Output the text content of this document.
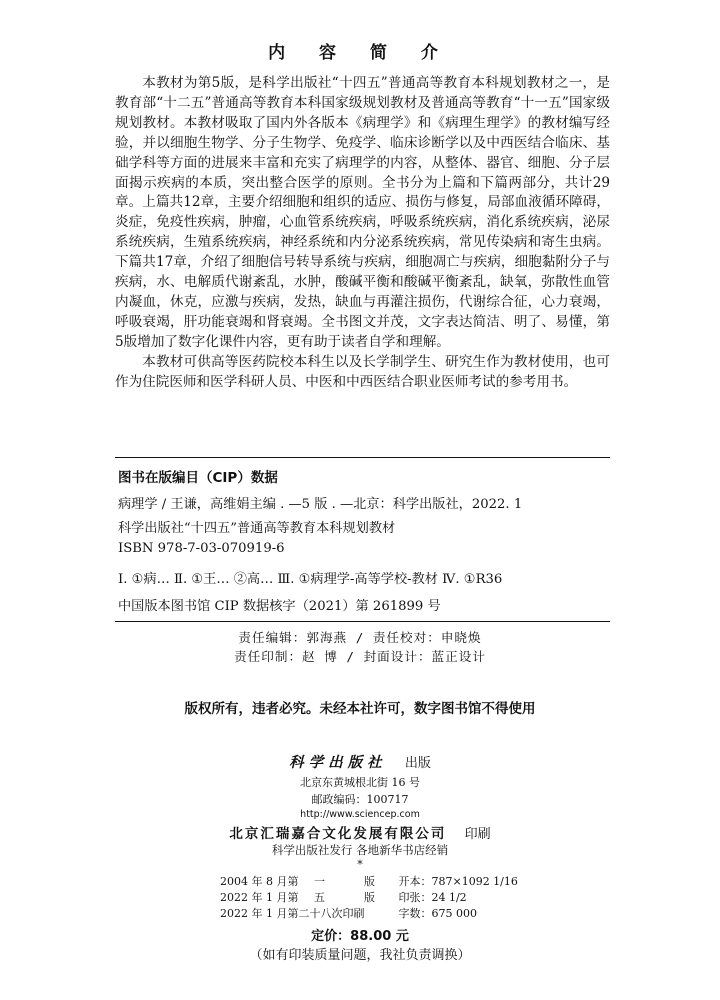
内 容 简 介

本教材为第5版，是科学出版社“十四五”普通高等教育本科规划教材之一，是教育部“十二五”普通高等教育本科国家级规划教材及普通高等教育“十一五”国家级规划教材。本教材吸取了国内外各版本《病理学》和《病理生理学》的教材编写经验，并以细胞生物学、分子生物学、免疫学、临床诊断学以及中西医结合临床、基础学科等方面的进展来丰富和充实了病理学的内容，从整体、器官、细胞、分子层面揭示疾病的本质，突出整合医学的原则。全书分为上篇和下篇两部分，共计29章。上篇共12章，主要介绍细胞和组织的适应、损伤与修复，局部血液循环障碍，炎症，免疫性疾病，肿瘤，心血管系统疾病，呼吸系统疾病，消化系统疾病，泌尿系统疾病，生殖系统疾病，神经系统和内分泌系统疾病，常见传染病和寄生虫病。下篇共17章，介绍了细胞信号转导系统与疾病，细胞凋亡与疾病，细胞黏附分子与疾病，水、电解质代谢紊乱，水肿，酸碱平衡和酸碱平衡紊乱，缺氧，弥散性血管内凝血，休克，应激与疾病，发热，缺血与再灌注损伤，代谢综合征，心力衰竭，呼吸衰竭，肝功能衰竭和肾衰竭。全书图文并茂，文字表达简洁、明了、易懂，第5版增加了数字化课件内容，更有助于读者自学和理解。

本教材可供高等医药院校本科生以及长学制学生、研究生作为教材使用，也可作为住院医师和医学科研人员、中医和中西医结合职业医师考试的参考用书。

图书在版编目（CIP）数据
病理学 / 王谦，高维娟主编 . —5 版 . —北京：科学出版社，2022. 1
科学出版社“十四五”普通高等教育本科规划教材
ISBN 978-7-03-070919-6
Ⅰ. ①病… Ⅱ. ①王… ②高… Ⅲ. ①病理学-高等学校-教材 Ⅳ. ①R36
中国版本图书馆 CIP 数据核字（2021）第 261899 号
责任编辑：郭海燕 / 责任校对：申晓焕
责任印制：赵 博 / 封面设计：蓝正设计
版权所有，违者必究。未经本社许可，数字图书馆不得使用
科学出版社 出版
北京东黄城根北街 16 号
邮政编码：100717
http://www.sciencep.com
北京汇瑞嘉合文化发展有限公司 印刷
科学出版社发行 各地新华书店经销
*
2004 年 8 月第	一	版	开本：787×1092 1/16
2022 年 1 月第	五	版	印张：24 1/2
2022 年 1 月第二十八次印刷			字数：675 000
定价：88.00 元
（如有印装质量问题，我社负责调换）
